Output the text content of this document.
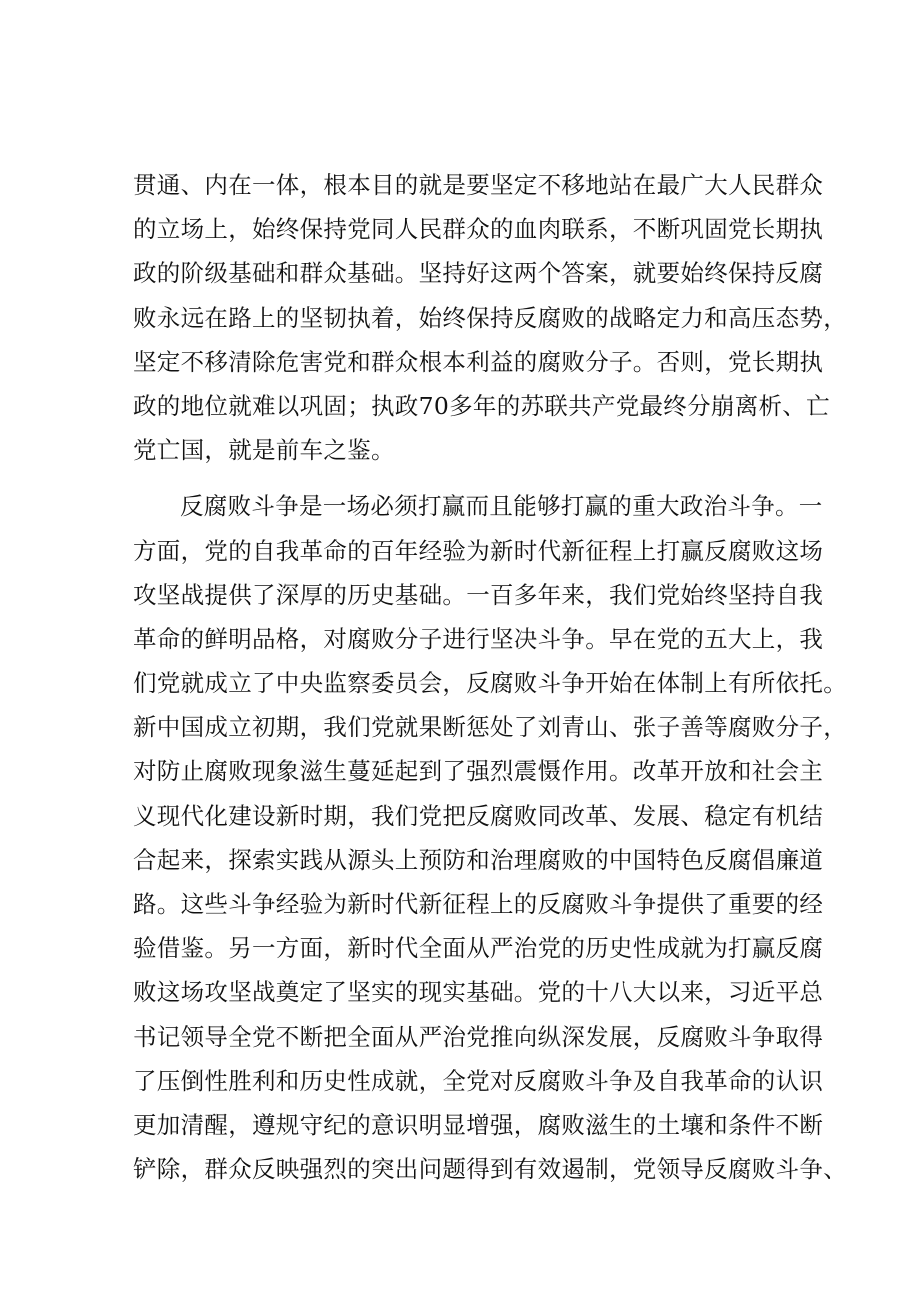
贯通、内在一体，根本目的就是要坚定不移地站在最广大人民群众
的立场上，始终保持党同人民群众的血肉联系，不断巩固党长期执
政的阶级基础和群众基础。坚持好这两个答案，就要始终保持反腐
败永远在路上的坚韧执着，始终保持反腐败的战略定力和高压态势，
坚定不移清除危害党和群众根本利益的腐败分子。否则，党长期执
政的地位就难以巩固；执政70多年的苏联共产党最终分崩离析、亡
党亡国，就是前车之鉴。
反腐败斗争是一场必须打赢而且能够打赢的重大政治斗争。一
方面，党的自我革命的百年经验为新时代新征程上打赢反腐败这场
攻坚战提供了深厚的历史基础。一百多年来，我们党始终坚持自我
革命的鲜明品格，对腐败分子进行坚决斗争。早在党的五大上，我
们党就成立了中央监察委员会，反腐败斗争开始在体制上有所依托。
新中国成立初期，我们党就果断惩处了刘青山、张子善等腐败分子，
对防止腐败现象滋生蔓延起到了强烈震慑作用。改革开放和社会主
义现代化建设新时期，我们党把反腐败同改革、发展、稳定有机结
合起来，探索实践从源头上预防和治理腐败的中国特色反腐倡廉道
路。这些斗争经验为新时代新征程上的反腐败斗争提供了重要的经
验借鉴。另一方面，新时代全面从严治党的历史性成就为打赢反腐
败这场攻坚战奠定了坚实的现实基础。党的十八大以来，习近平总
书记领导全党不断把全面从严治党推向纵深发展，反腐败斗争取得
了压倒性胜利和历史性成就，全党对反腐败斗争及自我革命的认识
更加清醒，遵规守纪的意识明显增强，腐败滋生的土壤和条件不断
铲除，群众反映强烈的突出问题得到有效遏制，党领导反腐败斗争、
